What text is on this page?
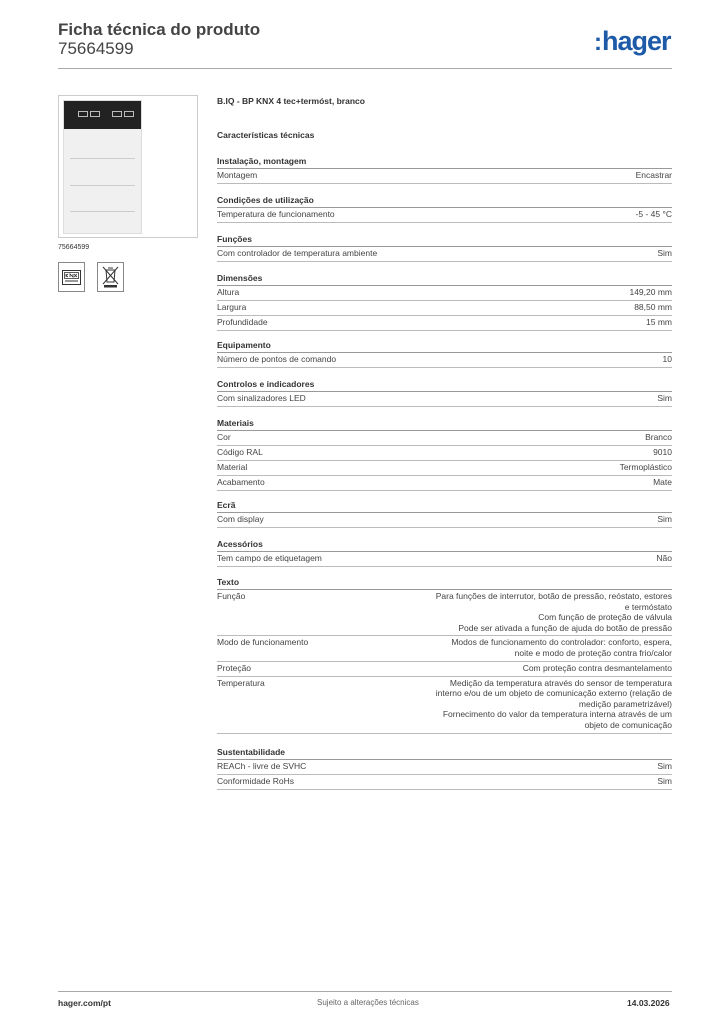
Ficha técnica do produto
75664599	:hager
75664599
B.IQ - BP KNX 4 tec+termóst, branco
Características técnicas
Instalação, montagem
Montagem	Encastrar
Condições de utilização
Temperatura de funcionamento	-5 - 45 °C
Funções
Com controlador de temperatura ambiente	Sim
Dimensões
Altura	149,20 mm
Largura	88,50 mm
Profundidade	15 mm
Equipamento
Número de pontos de comando	10
Controlos e indicadores
Com sinalizadores LED	Sim
Materiais
Cor	Branco
Código RAL	9010
Material	Termoplástico
Acabamento	Mate
Ecrã
Com display	Sim
Acessórios
Tem campo de etiquetagem	Não
Texto
Função	Para funções de interrutor, botão de pressão, reóstato, estores
e termóstato
Com função de proteção de válvula
Pode ser ativada a função de ajuda do botão de pressão
Modo de funcionamento	Modos de funcionamento do controlador: conforto, espera,
noite e modo de proteção contra frio/calor
Proteção	Com proteção contra desmantelamento
Temperatura	Medição da temperatura através do sensor de temperatura
interno e/ou de um objeto de comunicação externo (relação de
medição parametrizável)
Fornecimento do valor da temperatura interna através de um
objeto de comunicação
Sustentabilidade
REACh - livre de SVHC	Sim
Conformidade RoHs	Sim
hager.com/pt	Sujeito a alterações técnicas	14.03.2026
